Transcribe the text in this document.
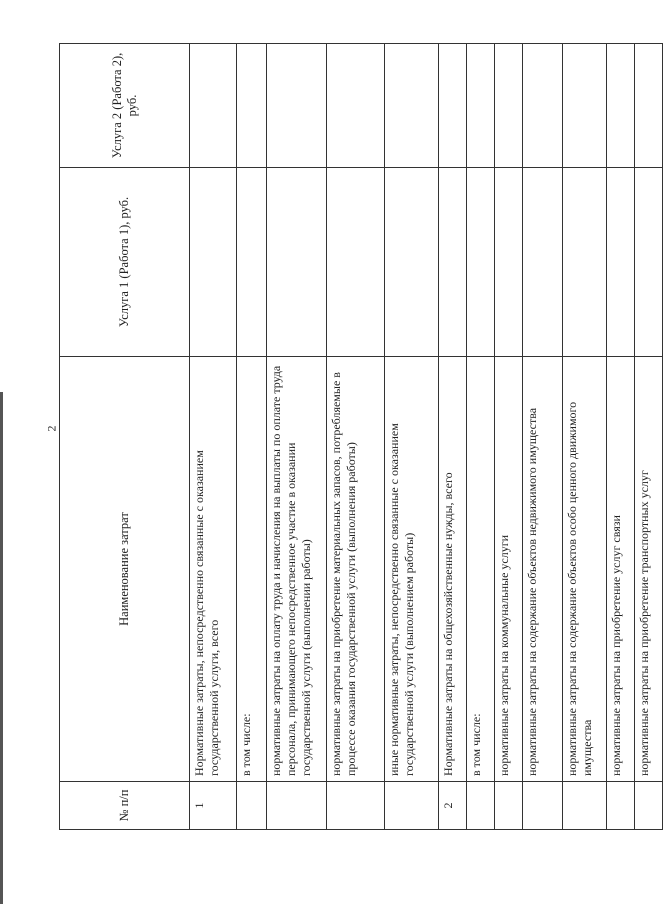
2
№ п/п	Наименование затрат	Услуга 1 (Работа 1), руб.	Услуга 2 (Работа 2), руб.
1	Нормативные затраты, непосредственно связанные с оказанием государственной услуги, всего		
	в том числе:		
	нормативные затраты на оплату труда и начисления на выплаты по оплате труда персонала, принимающего непосредственное участие в оказании государственной услуги (выполнении работы)		
	нормативные затраты на приобретение материальных запасов, потребляемые в процессе оказания государственной услуги (выполнения работы)		
	иные нормативные затраты, непосредственно связанные с оказанием государственной услуги (выполнением работы)		
2	Нормативные затраты на общехозяйственные нужды, всего		
	в том числе:		
	нормативные затраты на коммунальные услуги		
	нормативные затраты на содержание объектов недвижимого имущества		
	нормативные затраты на содержание объектов особо ценного движимого имущества		
	нормативные затраты на приобретение услуг связи		
	нормативные затраты на приобретение транспортных услуг		
